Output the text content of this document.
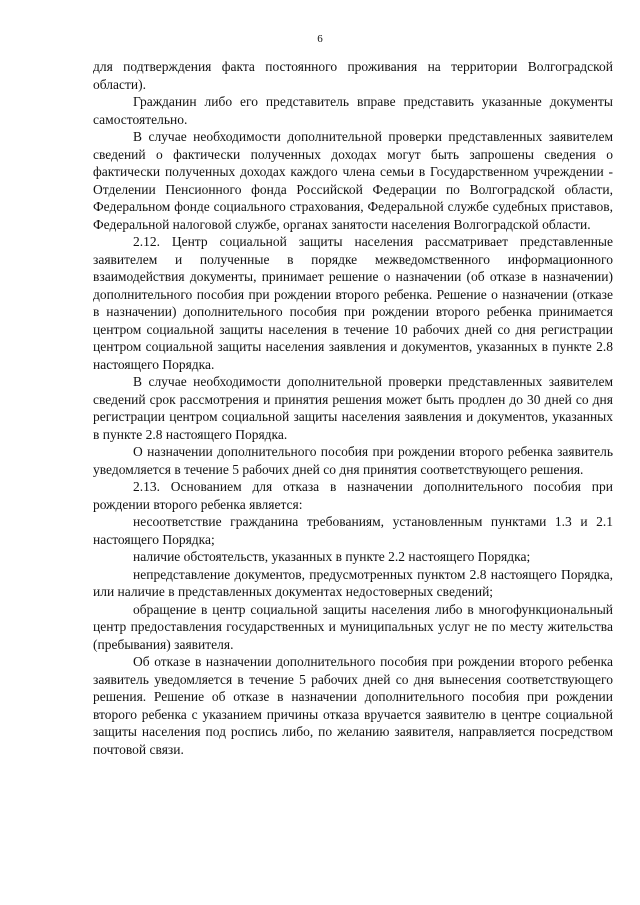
6

для подтверждения факта постоянного проживания на территории Волгоградской области).

Гражданин либо его представитель вправе представить указанные документы самостоятельно.

В случае необходимости дополнительной проверки представленных заявителем сведений о фактически полученных доходах могут быть запрошены сведения о фактически полученных доходах каждого члена семьи в Государственном учреждении - Отделении Пенсионного фонда Российской Федерации по Волгоградской области, Федеральном фонде социального страхования, Федеральной службе судебных приставов, Федеральной налоговой службе, органах занятости населения Волгоградской области.

2.12. Центр социальной защиты населения рассматривает представленные заявителем и полученные в порядке межведомственного информационного взаимодействия документы, принимает решение о назначении (об отказе в назначении) дополнительного пособия при рождении второго ребенка. Решение о назначении (отказе в назначении) дополнительного пособия при рождении второго ребенка принимается центром социальной защиты населения в течение 10 рабочих дней со дня регистрации центром социальной защиты населения заявления и документов, указанных в пункте 2.8 настоящего Порядка.

В случае необходимости дополнительной проверки представленных заявителем сведений срок рассмотрения и принятия решения может быть продлен до 30 дней со дня регистрации центром социальной защиты населения заявления и документов, указанных в пункте 2.8 настоящего Порядка.

О назначении дополнительного пособия при рождении второго ребенка заявитель уведомляется в течение 5 рабочих дней со дня принятия соответствующего решения.

2.13. Основанием для отказа в назначении дополнительного пособия при рождении второго ребенка является:

несоответствие гражданина требованиям, установленным пунктами 1.3 и 2.1 настоящего Порядка;

наличие обстоятельств, указанных в пункте 2.2 настоящего Порядка;

непредставление документов, предусмотренных пунктом 2.8 настоящего Порядка, или наличие в представленных документах недостоверных сведений;

обращение в центр социальной защиты населения либо в многофункциональный центр предоставления государственных и муниципальных услуг не по месту жительства (пребывания) заявителя.

Об отказе в назначении дополнительного пособия при рождении второго ребенка заявитель уведомляется в течение 5 рабочих дней со дня вынесения соответствующего решения. Решение об отказе в назначении дополнительного пособия при рождении второго ребенка с указанием причины отказа вручается заявителю в центре социальной защиты населения под роспись либо, по желанию заявителя, направляется посредством почтовой связи.
